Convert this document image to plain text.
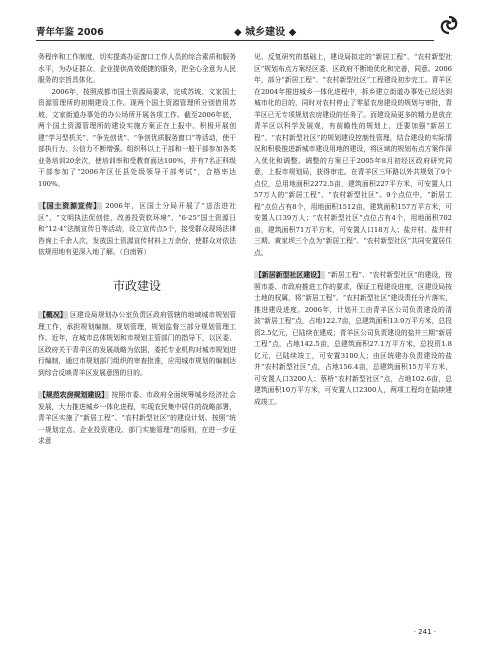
青年年鉴 2006	◆ 城乡建设 ◆

务程序和工作制度，切实提高办证窗口工作人员的综合素质和服务水平，为办证群众、企业提供高效便捷的服务，把全心全意为人民服务的宗旨具体化。

2006年，按照成都市国土资源局要求，完成苏坡、文家国土资源管理所的初期建设工作。现两个国土资源管理所分别借用苏坡、文家街道办事处的办公场所开展各项工作。截至2006年底，两个国土资源管理所的建设实施方案正在上报中。积极开展创建“学习型机关”、“争先创优”、“争创优质服务窗口”等活动，使干部执行力、公信力不断增强。组织科以上干部和一般干部参加各类业务培训20余次，使培训率和受教育面达100%，并有7名正科级干部参加了“2006年区任县处级领导干部考试”，合格率达100%。

【国土资源宣传】 2006年，区国土分局开展了“送法进社区”、“文明执法促创佳，改善投资软环境”、“6·25”国土资源日和“12·4”法制宣传日等活动，设立宣传点5个，接受群众现场法律咨询上千余人次，发放国土资源宣传材料上万余份，使群众对依法依规用地有更深入地了解。（白南蓉）

市政建设

【概况】 区建设局规划办公室负责区政府管辖的地域城市规划管理工作，承担规划编制、规划管理，规划监督三部分规划管理工作。近年，在城市总体规划和市规划主管部门的指导下，以区委、区政府关于青羊区的发展战略为依据，委托专业机构对城市规划进行编制，通过市规划部门组织的审查批准，应用城市规划的编制达到综合反映青羊区发展意图的目的。

【规范农房规划建设】 按照市委、市政府全面统筹城乡经济社会发展，大力推进城乡一体化进程，实现农民集中居住的战略部署，青羊区实施了“新居工程”、“农村新型社区”的建设计划。按照“统一规划定点、企业投资建设、部门实施管理”的原则，在进一步征求意

见、反复研究的基础上，建设局拟定的“新居工程”、“农村新型社区”规划布点方案经区委、区政府不断地优化和完善，同意。2006年，部分“新居工程”、“农村新型社区”工程建设初步完工。青羊区在2004年推进城乡一体化进程中，拆乡建立街道办事处已经达到城市化的目的，同时对农村停止了零星农房建设的规划与审批，青羊区已无专项规划农房建设的任务了。而建设局更多的精力是放在青羊区以科学发展观，有前瞻性的规划上，还要加强“新居工程”、“农村新型社区”的规划建设控制性管理，结合建设的实际情况和积极推进新城市建设用地的建设，将区域的规划布点方案作深入优化和调整。调整的方案已于2005年8月初经区政府研究同意，上报市规划局，获得审定。在青羊区三环路以外共规划了9个点位，总用地面积2272.5亩，建筑面积227平方米，可安置人口57万人的“新居工程”、“农村新型社区”。9个点位中，“新居工程”点位占有8个，用地面积1512亩，建筑面积157万平方米，可安置人口39万人；“农村新型社区”点位占有4个，用地面积702亩，建筑面积71万平方米，可安置人口18万人；盐井村、盐井村三期、黄家坝三个点为“新居工程”、“农村新型社区”共同安置居住点。

【新居新型社区建设】 “新居工程”、“农村新型社区”的建设，按照市委、市政府推进工作的要求，保证工程建设进度，区建设局按土地的权属，将“新居工程”、“农村新型社区”建设责任分片落实，推进建设进度。2006年，计划开工由青羊区公司负责建设的清波“新居工程”点，占地122.7亩，总建筑面积13.9万平方米，总投资2.5亿元，已陆续在建成；青羊区公司负责建设的盐井三期“新居工程”点，占地142.5亩，总建筑面积27.1万平方米，总投资1.8亿元，已陆续竣工，可安置3100人；由区统建办负责建设的盐井“农村新型社区”点，占地156.4亩，总建筑面积15万平方米，可安置人口3200人；蔡桥“农村新型社区”点，占地102.6亩，总建筑面积10万平方米，可安置人口2300人，两项工程均在陆续建成竣工。

· 241 ·
